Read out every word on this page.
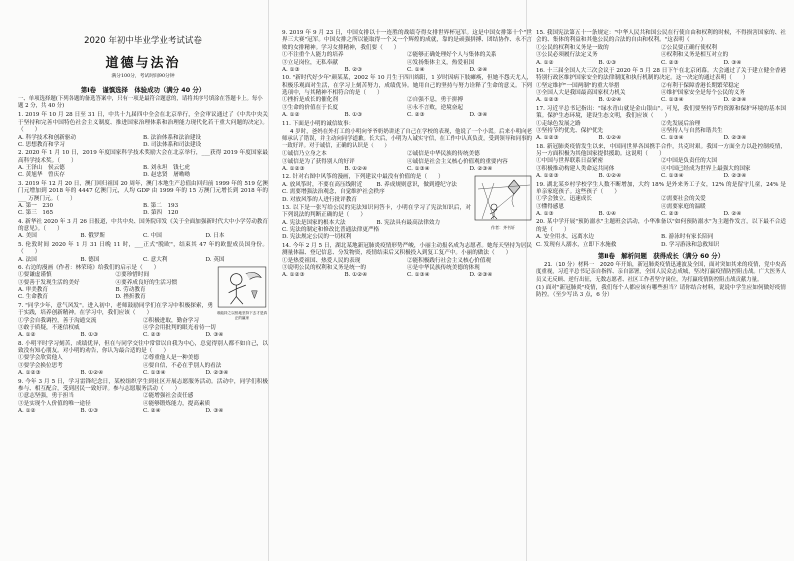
2020 年初中毕业学业考试试卷
道德与法治
满分100分，考试时间90分钟
第Ⅰ卷　谨慎选择　体验成功（满分 40 分）
一、单项选择题(下列各题的备选答案中，只有一项是最符合题意的，请将其序号填涂在答题卡上。每小题 2 分，共 40 分)
1. 2019 年 10 月 28 日至 31 日，中共十九届四中全会在北京举行，全会审议通过了《中共中央关于坚持和完善中国特色社会主义制度、推进国家治理体系和治理能力现代化若干重大问题的决定》。（　　）
A. 科学技术和创新驱动	B. 法治体系和法治建设
C. 思想教育和学习	D. 司法体系和司法建设
2. 2020 年 1 月 10 日，2019 年度国家科学技术奖励大会在北京举行，___获得 2019 年度国家最高科学技术奖。（　　）
A. 王泽山　侯云德	B. 刘永坦　钱七虎
C. 黄旭华　曾庆存	D. 赵忠贤　屠呦呦
3. 2019 年 12 月 20 日，澳门回归祖国 20 周年，澳门本地生产总值由回归前 1999 年的 519 亿澳门元增加到 2018 年的 4447 亿澳门元，人均 GDP 由 1999 年的 15 万澳门元增长到 2018 年的 ___ 万澳门元。（　　）
A. 第一　230	B. 第二　193
C. 第三　165	D. 第四　120
4. 新华社 2020 年 3 月 26 日报道，中共中央、国务院印发《关于全面加强新时代大中小学劳动教育的意见》。（　　）
A. 美国	B. 俄罗斯	C. 中国	D. 日本
5. 伦敦时间 2020 年 1 月 31 日晚 11 时，___正式"脱欧"，结束其 47 年的欧盟成员国身份。（　　）
A. 法国	B. 德国	C. 意大利	D. 英国
谁能持之以恒地坚持下去才是真正的赢家
6. 右边的漫画《作者：林荣琦》给我们的启示是（　　）
①要谦虚谨慎	②要珍惜时间
③要善于发现生活的美好	④要养成良好的生活习惯
A. 审美教育	B. 劳动教育
C. 生命教育	D. 挫折教育
7. "同学少年，意气风发"。进入初中，老师鼓励同学们在学习中积极探索，勇于实践，培养创新精神。在学习中，我们应该（　　）
①学会自我调控，善于沟通交流	②积极进取，勤奋学习
③敢于质疑，不迷信权威	④学会用批判的眼光看待一切
A. ①②	B. ①③	C. ②③	D. ③④
8. 小明平时学习刻苦，成绩优异，但在与同学交往中常常以自我为中心，总觉得别人都不如自己，以致没有知心朋友。对小明的劝告，你认为最合适的是（　　）
①要学会欣赏他人	②尊重他人是一种美德
③要学会换位思考	④要自信，不必在乎别人的看法
A. ①②③	B. ①②④	C. ①③④	D. ②③④
9. 今年 3 月 5 日，学习雷锋纪念日，某校组织学生到社区开展志愿服务活动。活动中，同学们积极参与、相互配合，受到居民一致好评。参与志愿服务活动（　　）
①意志坚强，勇于担当	②能增强社会责任感
③是实现个人价值的唯一途径	④能够锻炼能力，提高素质
A. ①②	B. ①③	C. ②④	D. ③④
9. 2019 年 9 月 23 日，中国女排以十一连胜的战绩夺得女排世界杯冠军。这是中国女排第十个"世界三大赛"冠军。中国女排之所以能取得一个又一个辉煌的成就，靠的是顽强拼搏、团结协作、永不言败的女排精神。学习女排精神，我们要（　　）
①不注重个人能力的培养	②能够正确处理好个人与集体的关系
③立足岗位，无私奉献	④发扬集体主义，热爱祖国
A. ①③	B. ②③	C. ①④	D. ②④
10. "新时代好少年"颜某某，2002 年 10 月生于四川绵阳，1 岁时因病下肢瘫痪，但她不怨天尤人，积极乐观面对生活，在学习上刻苦努力，成绩优异。她用自己的坚持与努力诠释了生命的意义。下列选项中，与其精神不相符合的是（　　）
①挫折是成长的催化剂	②自强不息，勇于拼搏
③生命的价值在于长度	④永不言败，逆境奋起
A. ①②	B. ①③	C. ②③	D. ③④
11. 下面是小明的诚信故事：
4 岁时，爸妈在外打工的小明向爷爷奶奶讲述了自己在学校的表现，他说了一个小谎。后来小明向老师承认了错误，并主动向同学道歉。长大后，小明为人诚实守信，在工作中认真负责，受到领导和同事的一致好评。对于诚信，正确的认识是（　　）
①诚信乃立身之本	②诚信是中华民族的传统美德
③诚信是为了获得别人的好评	④诚信是社会主义核心价值观的重要内容
A. ①②③	B. ①②④	C. ①③④	D. ②③④
作者：齐书轩
12. 针对右图中风筝的漫画，下列建议中最没有价值的是（　　）
A. 放风筝时，不要在高压线附近	B. 养成规则意识，做到遵纪守法
C. 需要增强法治观念，自觉维护社会秩序
D. 对放风筝的人进行批评教育
13. 以下是一张写给公民的宪法知识问答卡，小明在学习了宪法知识后，对下列说法的判断正确的是（　　）
A. 宪法是国家的根本大法	B. 宪法具有最高法律效力
C. 宪法的制定和修改比普通法律更严格
D. 宪法规定公民的一切权利
14. 今年 2 月 5 日，湖北某地新冠肺炎疫情形势严峻，小丽主动报名成为志愿者。她每天坚持为居民测量体温、登记信息、分发物资，疫情结束后又积极投入到复工复产中。小丽的做法（　　）
①是热爱祖国、热爱人民的表现	②能积极践行社会主义核心价值观
③说明公民的权利和义务是统一的	④是中华民族传统美德的体现
A. ①②③	B. ①②④	C. ①③④	D. ②③④
15. 我国宪法第五十一条规定："中华人民共和国公民在行使自由和权利的时候，不得损害国家的、社会的、集体的利益和其他公民的合法的自由和权利。"这表明（　　）
①公民的权利和义务是一致的	②公民要正确行使权利
③公民必须履行法定义务	④权利和义务是相互对立的
A. ①②	B. ①③	C. ②③	D. ③④
16. 十三届全国人大三次会议于 2020 年 5 月 28 日下午在北京闭幕。大会通过了关于建立健全香港特别行政区维护国家安全的法律制度和执行机制的决定。这一决定的通过表明（　　）
①坚定维护"一国两制"的重大举措	②有利于保障香港长期繁荣稳定
③全国人大是我国最高国家权力机关	④维护国家安全是每个公民的义务
A. ①②③	B. ①②④	C. ①③④	D. ②③④
17. 习近平总书记指出："绿水青山就是金山银山"。可见，我们要坚持节约资源和保护环境的基本国策。保护生态环境，建设生态文明，我们应该（　　）
①走绿色发展之路	②先发展后治理
③坚持节约优先、保护优先	④坚持人与自然和谐共生
A. ①②③	B. ①②④	C. ①③④	D. ②③④
18. 新冠肺炎疫情发生以来，中国同世界各国携手合作，共克时艰。我国一方面全力以赴控制疫情，另一方面积极为其他国家提供援助。这说明（　　）
①中国与世界联系日益紧密	②中国是负责任的大国
③积极推动构建人类命运共同体	④中国已经成为世界上最强大的国家
A. ①②③	B. ①②④	C. ①③④	D. ②③④
19. 湖北某乡村学校学生人数不断增加，大约 18% 是外来务工子女，12% 的是留守儿童，24% 是单亲家庭孩子。这些孩子（　　）
①学会独立，迅速成长	②需要社会的关爱
③懂得感恩	④需要家庭的温暖
A. ①③	B. ①④	C. ②③	D. ②④
20. 某中学开展"预防溺水"主题班会活动，小华准备以"如何预防溺水"为主题作发言，以下最不合适的是（　　）
A. 安全用水，远离水边	B. 游泳时有家长陪同
C. 发现有人溺水，立即下水施救	D. 学习游泳和急救知识
第Ⅱ卷　解析问题　获得成长（满分 60 分）
21.（10 分）材料一　2020 年开始，新冠肺炎疫情迅速波及全国，面对突如其来的疫情，党中央高度重视，习近平总书记亲自指挥、亲自部署，全国人民众志成城，坚决打赢疫情防控阻击战。广大医务人员义无反顾、逆行出征，无数志愿者、社区工作者坚守岗位，为打赢疫情防控阻击战贡献力量。
(1) 面对"新冠肺炎"疫情，我们每个人都应该有哪些担当？请你结合材料，说说中学生应如何做好疫情防控。（至少写出 3 点，6 分）
